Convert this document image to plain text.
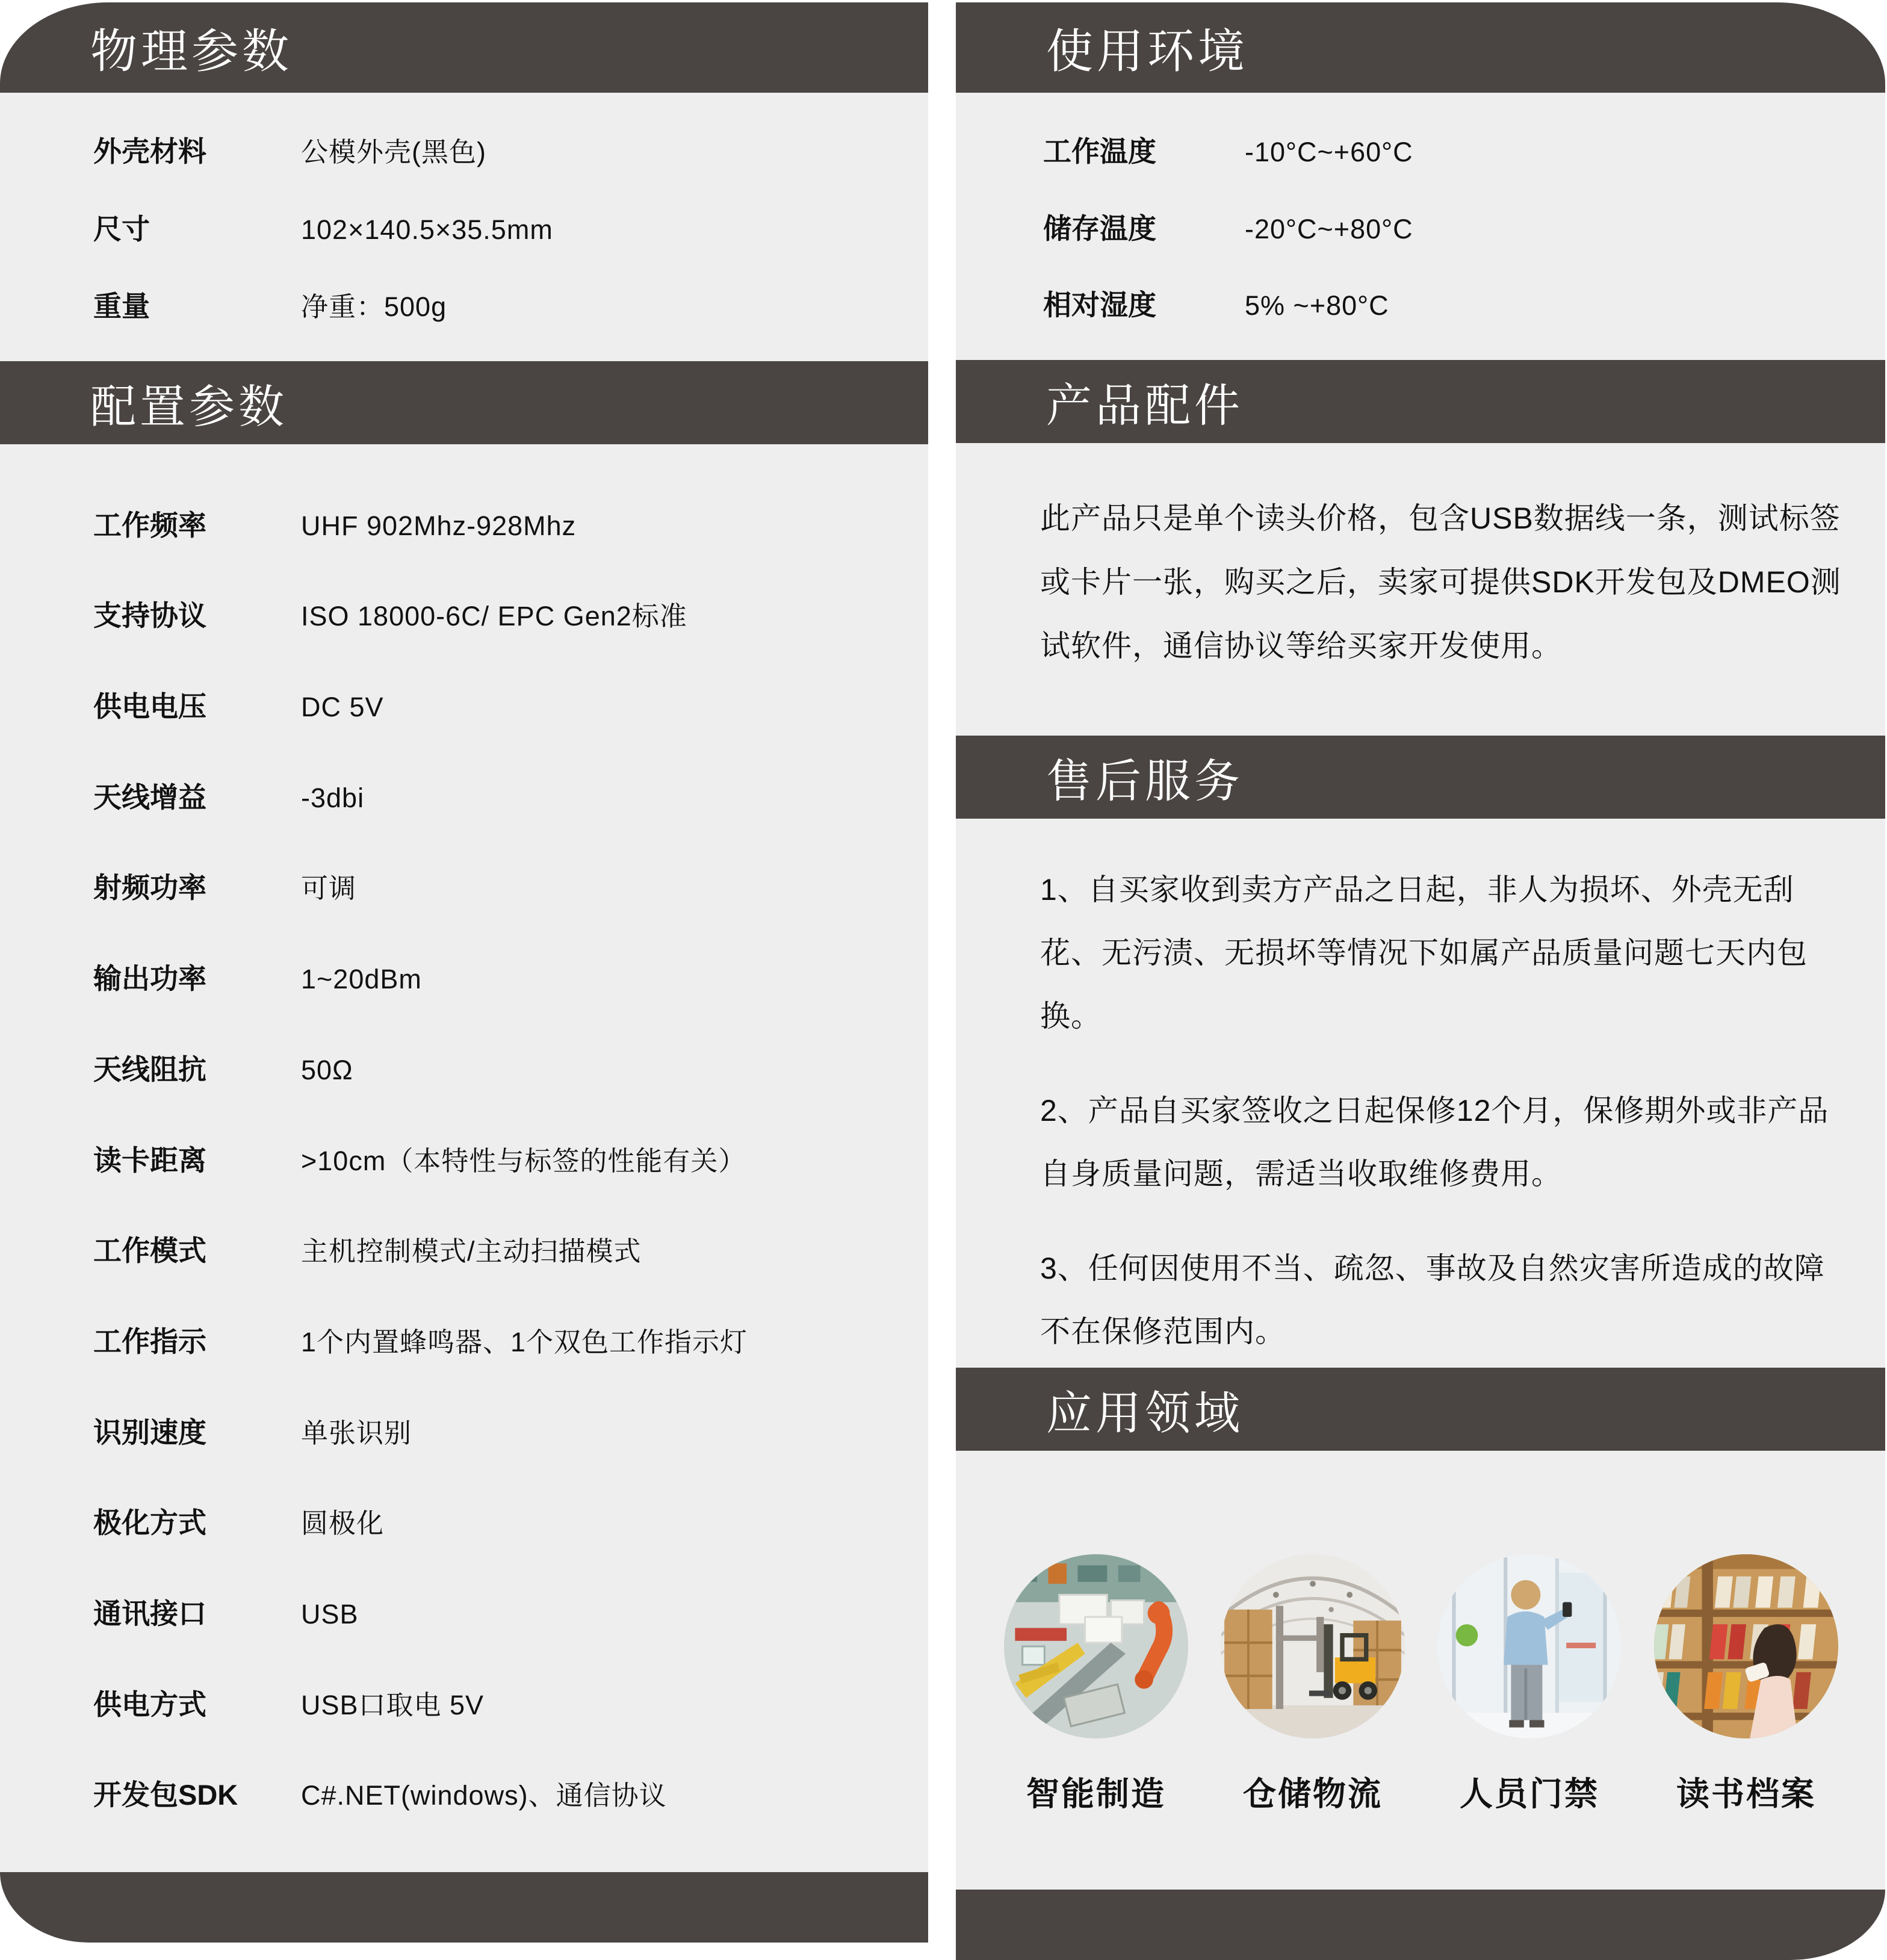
物理参数
外壳材料	公模外壳(黑色)
尺寸	102×140.5×35.5mm
重量	净重：500g
配置参数
工作频率	UHF 902Mhz-928Mhz
支持协议	ISO 18000-6C/ EPC Gen2标准
供电电压	DC 5V
天线增益	-3dbi
射频功率	可调
输出功率	1~20dBm
天线阻抗	50Ω
读卡距离	>10cm（本特性与标签的性能有关）
工作模式	主机控制模式/主动扫描模式
工作指示	1个内置蜂鸣器、1个双色工作指示灯
识别速度	单张识别
极化方式	圆极化
通讯接口	USB
供电方式	USB口取电 5V
开发包SDK	C#.NET(windows)、通信协议
使用环境
工作温度	-10°C~+60°C
储存温度	-20°C~+80°C
相对湿度	5% ~+80°C
产品配件
此产品只是单个读头价格，包含USB数据线一条，测试标签或卡片一张，购买之后，卖家可提供SDK开发包及DMEO测试软件，通信协议等给买家开发使用。
售后服务
1、自买家收到卖方产品之日起，非人为损坏、外壳无刮花、无污渍、无损坏等情况下如属产品质量问题七天内包换。
2、产品自买家签收之日起保修12个月，保修期外或非产品自身质量问题，需适当收取维修费用。
3、任何因使用不当、疏忽、事故及自然灾害所造成的故障不在保修范围内。
应用领域
智能制造 仓储物流 人员门禁 读书档案
